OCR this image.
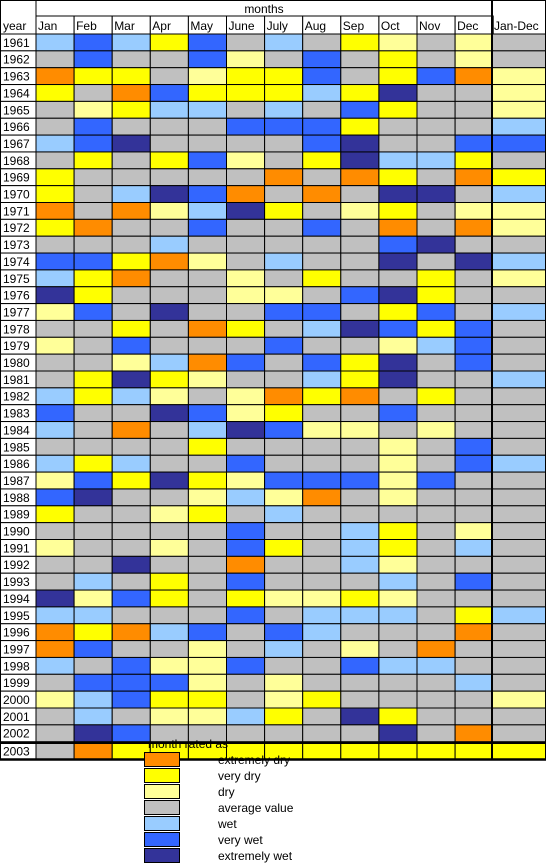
1961
1962
1963
1964
1965
1966
1967
1968
1969
1970
1971
1972
1973
1974
1975
1976
1977
1978
1979
1980
1981
1982
1983
1984
1985
1986
1987
1988
1989
1990
1991
1992
1993
1994
1995
1996
1997
1998
1999
2000
2001
2002
2003
year
months
Jan Feb Mar Apr May June July Aug Sep Oct Nov Dec Jan-Dec
month rated as
extremely dry
very dry
dry
average value
wet
very wet
extremely wet
